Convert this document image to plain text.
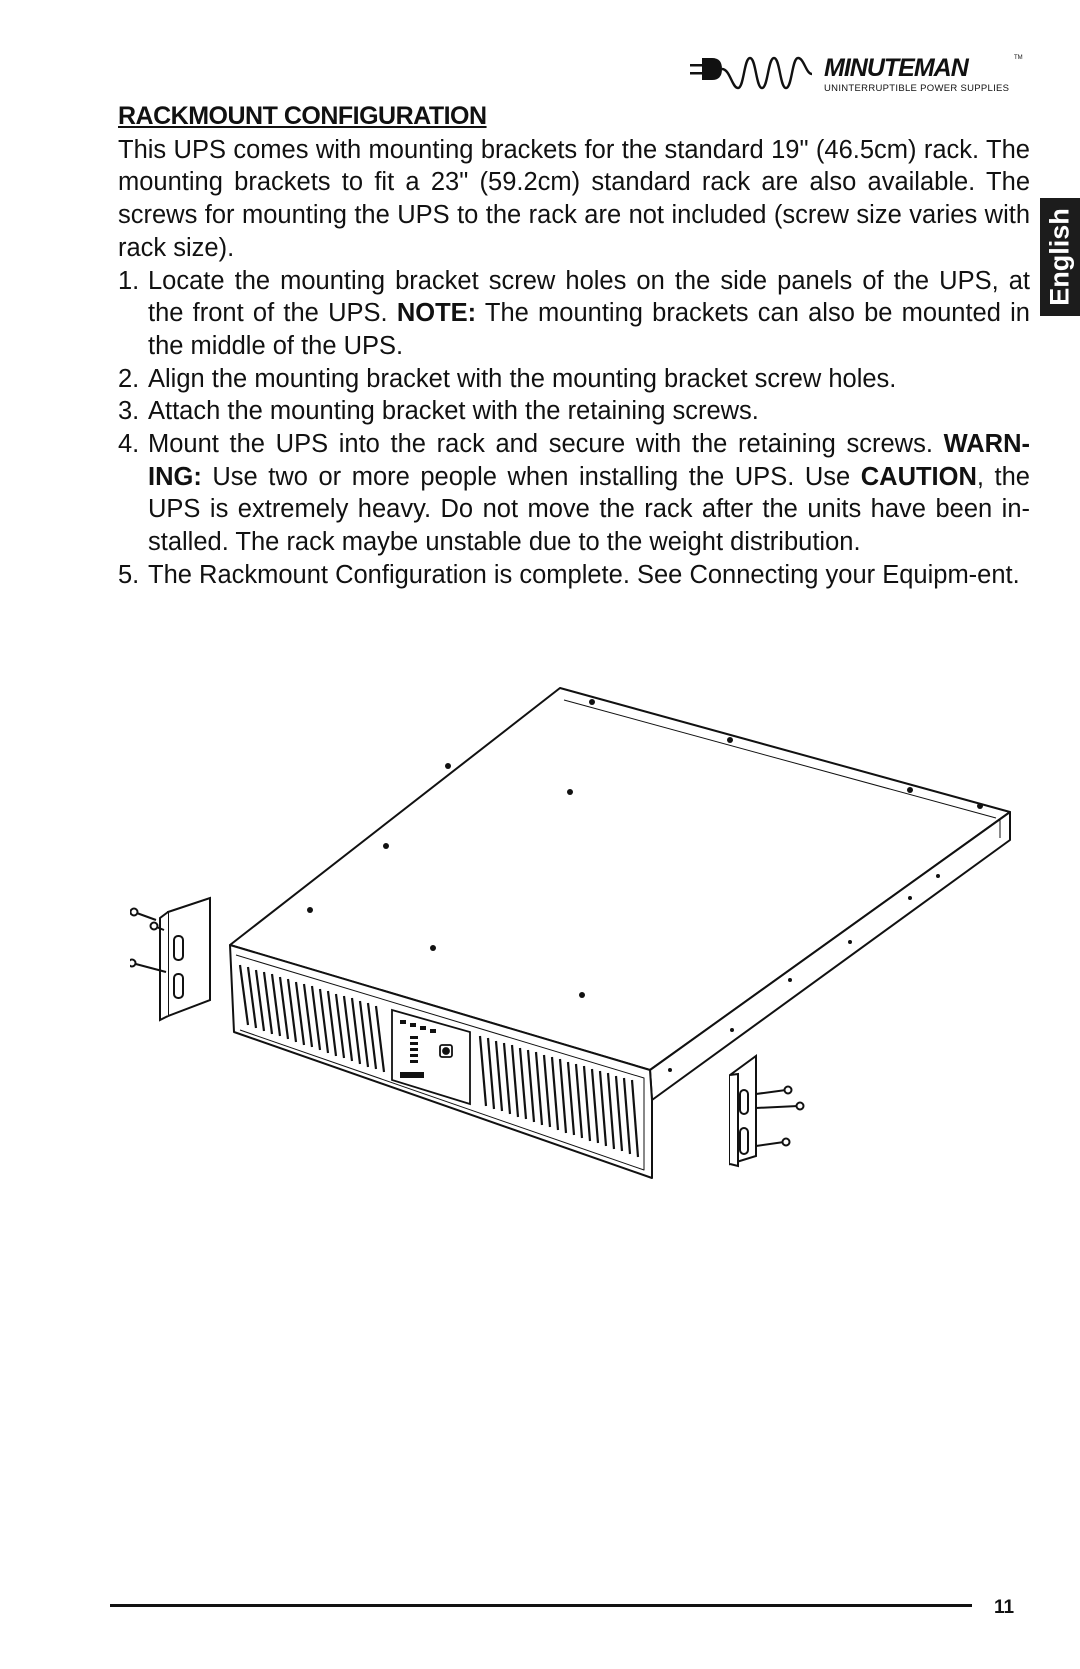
MINUTEMAN	TM
UNINTERRUPTIBLE POWER SUPPLIES
English
RACKMOUNT CONFIGURATION

This UPS comes with mounting brackets for the standard 19" (46.5cm) rack. The mounting brackets to fit a 23" (59.2cm) standard rack are also available. The screws for mounting the UPS to the rack are not included (screw size varies with rack size).

1. Locate the mounting bracket screw holes on the side panels of the UPS, at the front of the UPS. NOTE: The mounting brackets can also be mounted in the middle of the UPS.
2. Align the mounting bracket with the mounting bracket screw holes.
3. Attach the mounting bracket with the retaining screws.
4. Mount the UPS into the rack and secure with the retaining screws. WARN-ING: Use two or more people when installing the UPS. Use CAUTION, the UPS is extremely heavy. Do not move the rack after the units have been in-stalled. The rack maybe unstable due to the weight distribution.
5. The Rackmount Configuration is complete. See Connecting your Equipm-ent.
11
